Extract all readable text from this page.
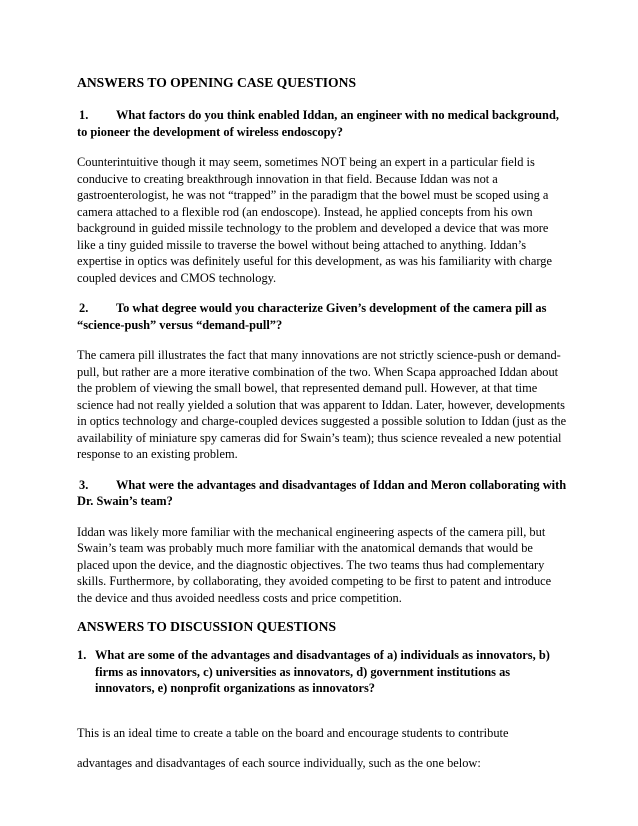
ANSWERS TO OPENING CASE QUESTIONS

1. What factors do you think enabled Iddan, an engineer with no medical background, to pioneer the development of wireless endoscopy?

Counterintuitive though it may seem, sometimes NOT being an expert in a particular field is conducive to creating breakthrough innovation in that field. Because Iddan was not a gastroenterologist, he was not “trapped” in the paradigm that the bowel must be scoped using a camera attached to a flexible rod (an endoscope). Instead, he applied concepts from his own background in guided missile technology to the problem and developed a device that was more like a tiny guided missile to traverse the bowel without being attached to anything. Iddan’s expertise in optics was definitely useful for this development, as was his familiarity with charge coupled devices and CMOS technology.

2. To what degree would you characterize Given’s development of the camera pill as “science-push” versus “demand-pull”?

The camera pill illustrates the fact that many innovations are not strictly science-push or demand-pull, but rather are a more iterative combination of the two. When Scapa approached Iddan about the problem of viewing the small bowel, that represented demand pull. However, at that time science had not really yielded a solution that was apparent to Iddan. Later, however, developments in optics technology and charge-coupled devices suggested a possible solution to Iddan (just as the availability of miniature spy cameras did for Swain’s team); thus science revealed a new potential response to an existing problem.

3. What were the advantages and disadvantages of Iddan and Meron collaborating with Dr. Swain’s team?

Iddan was likely more familiar with the mechanical engineering aspects of the camera pill, but Swain’s team was probably much more familiar with the anatomical demands that would be placed upon the device, and the diagnostic objectives. The two teams thus had complementary skills. Furthermore, by collaborating, they avoided competing to be first to patent and introduce the device and thus avoided needless costs and price competition.

ANSWERS TO DISCUSSION QUESTIONS

1. What are some of the advantages and disadvantages of a) individuals as innovators, b) firms as innovators, c) universities as innovators, d) government institutions as innovators, e) nonprofit organizations as innovators?

This is an ideal time to create a table on the board and encourage students to contribute

advantages and disadvantages of each source individually, such as the one below:
